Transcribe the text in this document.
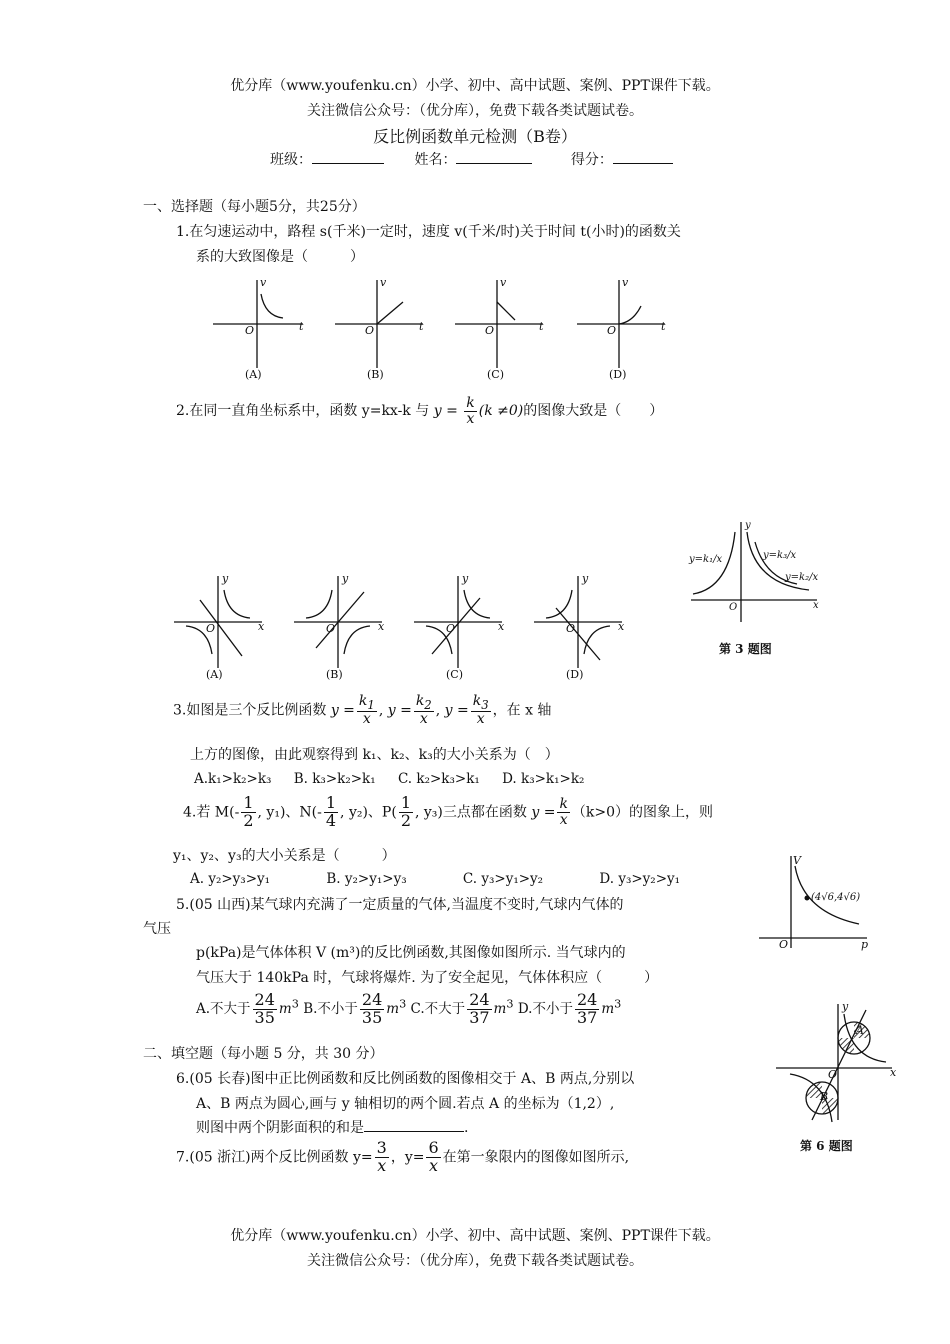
优分库（www.youfenku.cn）小学、初中、高中试题、案例、PPT课件下载。
关注微信公众号：（优分库），免费下载各类试题试卷。
反比例函数单元检测（B卷）
班级：	姓名：	得分：
一、选择题（每小题5分，共25分）
1.在匀速运动中，路程 s(千米)一定时，速度 v(千米/时)关于时间 t(小时)的函数关
系的大致图像是（　　　）
v
O	t
v
O	t
v
O	t
v
O	t
(A)	(B)	(C)	(D)
2.在同一直角坐标系中，函数 y=kx-k 与 $y = \frac{k}{x} (k \ne 0)$的图像大致是（　　）
y
O	x
y
O	x
y
O	x
y
O	x
(A)	(B)	(C)	(D)
y
O	x
y=k₁/x	y=k₃/x
y=k₂/x
第 3 题图
3.如图是三个反比例函数 $y = \frac{k_1}{x}$ , $y = \frac{k_2}{x}$ , $y = \frac{k_3}{x}$ ，在 x 轴
上方的图像，由此观察得到 k₁、k₂、k₃的大小关系为（　）
A.k₁>k₂>k₃ B. k₃>k₂>k₁ C. k₂>k₃>k₁ D. k₃>k₁>k₂
4.若 $M(- \frac{1}{2}$ , y₁)、$N(- \frac{1}{4}$ , y₂)、$P( \frac{1}{2}$ , y₃)三点都在函数 $y = \frac{k}{x} (k>0)$的图象上，则
y₁、y₂、y₃的大小关系是（　　　）
A. y₂>y₃>y₁	B. y₂>y₁>y₃	C. y₃>y₁>y₂	D. y₃>y₂>y₁
V
O	p
(4√6,4√6)
5.(05 山西)某气球内充满了一定质量的气体,当温度不变时,气球内气体的
气压
p(kPa)是气体体积 V (m³)的反比例函数,其图像如图所示. 当气球内的
气压大于 140kPa 时，气球将爆炸. 为了安全起见，气体体积应（　　　）
A.不大于 $\frac{24}{35} m^3$ B.不小于 $\frac{24}{35} m^3$ C.不大于 $\frac{24}{37} m^3$ D.不小于 $\frac{24}{37} m^3$
二、填空题（每小题 5 分，共 30 分）
y
O	x
A
B
第 6 题图
6.(05 长春)图中正比例函数和反比例函数的图像相交于 A、B 两点,分别以
A、B 两点为圆心,画与 y 轴相切的两个圆.若点 A 的坐标为（1,2）,
则图中两个阴影面积的和是	.
7.(05 浙江)两个反比例函数 $y= \frac{3}{x}$ ，$y= \frac{6}{x}$ 在第一象限内的图像如图所示,
优分库（www.youfenku.cn）小学、初中、高中试题、案例、PPT课件下载。
关注微信公众号：（优分库），免费下载各类试题试卷。
